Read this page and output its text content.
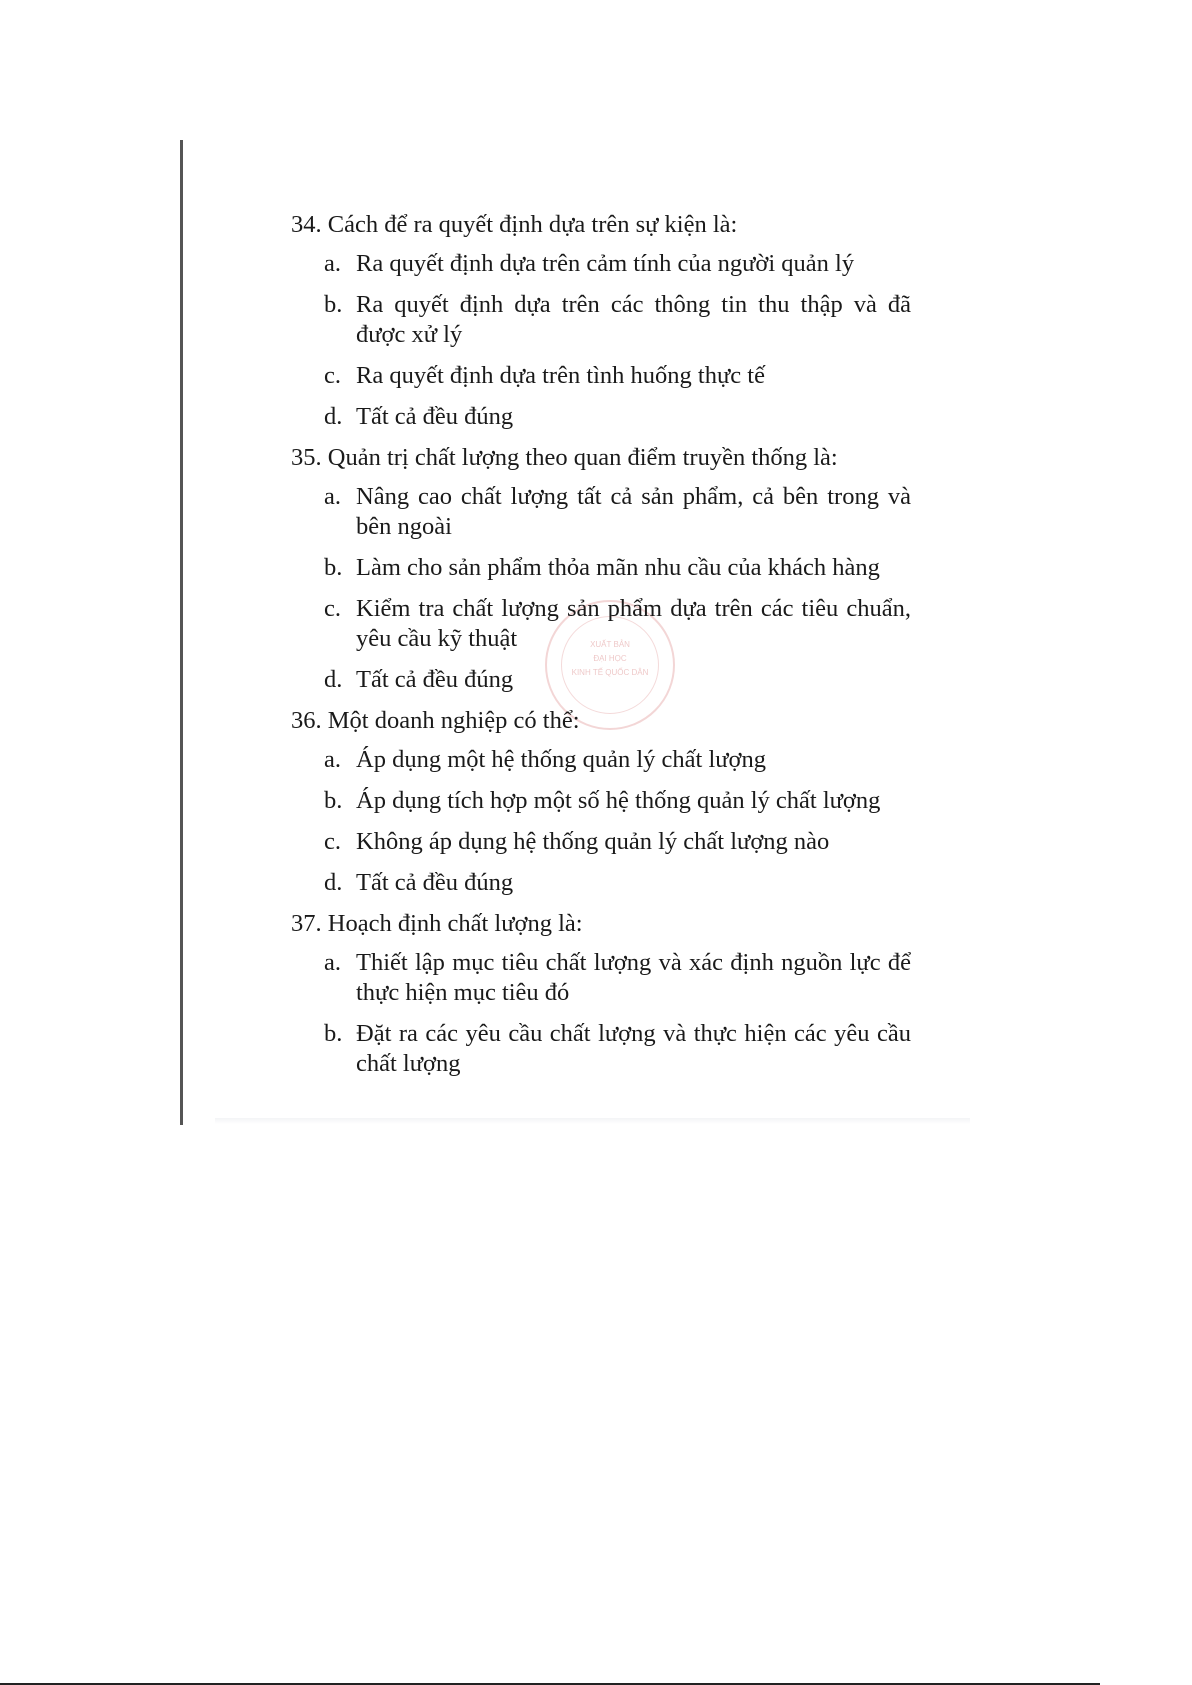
XUẤT BẢN
ĐẠI HỌC
KINH TẾ QUỐC DÂN
34. Cách để ra quyết định dựa trên sự kiện là:
a. Ra quyết định dựa trên cảm tính của người quản lý
b. Ra quyết định dựa trên các thông tin thu thập và đã được xử lý
c. Ra quyết định dựa trên tình huống thực tế
d. Tất cả đều đúng
35. Quản trị chất lượng theo quan điểm truyền thống là:
a. Nâng cao chất lượng tất cả sản phẩm, cả bên trong và bên ngoài
b. Làm cho sản phẩm thỏa mãn nhu cầu của khách hàng
c. Kiểm tra chất lượng sản phẩm dựa trên các tiêu chuẩn, yêu cầu kỹ thuật
d. Tất cả đều đúng
36. Một doanh nghiệp có thể:
a. Áp dụng một hệ thống quản lý chất lượng
b. Áp dụng tích hợp một số hệ thống quản lý chất lượng
c. Không áp dụng hệ thống quản lý chất lượng nào
d. Tất cả đều đúng
37. Hoạch định chất lượng là:
a. Thiết lập mục tiêu chất lượng và xác định nguồn lực để thực hiện mục tiêu đó
b. Đặt ra các yêu cầu chất lượng và thực hiện các yêu cầu chất lượng
